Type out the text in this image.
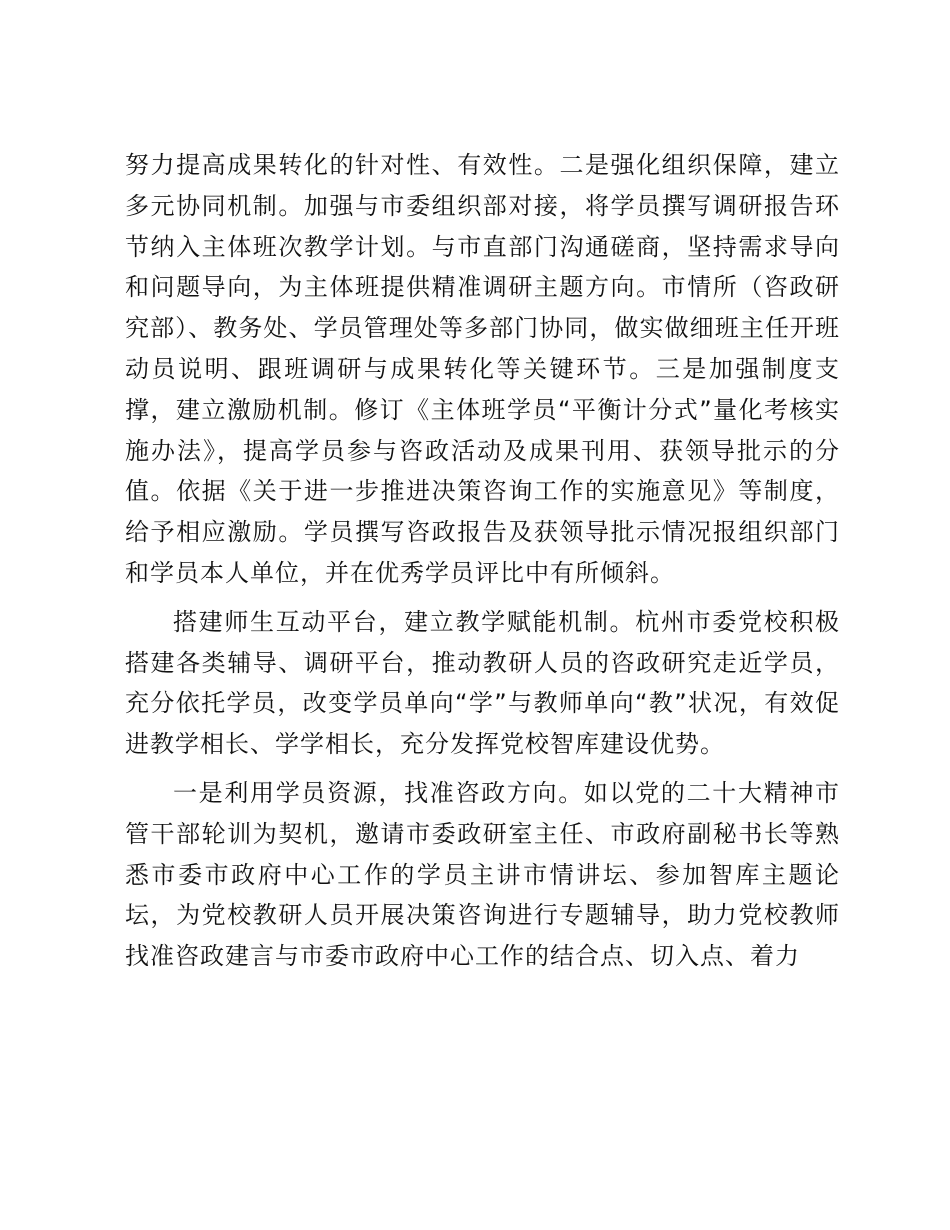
努力提高成果转化的针对性、有效性。二是强化组织保障，建立多元协同机制。加强与市委组织部对接，将学员撰写调研报告环节纳入主体班次教学计划。与市直部门沟通磋商，坚持需求导向和问题导向，为主体班提供精准调研主题方向。市情所（咨政研究部）、教务处、学员管理处等多部门协同，做实做细班主任开班动员说明、跟班调研与成果转化等关键环节。三是加强制度支撑，建立激励机制。修订《主体班学员“平衡计分式”量化考核实施办法》，提高学员参与咨政活动及成果刊用、获领导批示的分值。依据《关于进一步推进决策咨询工作的实施意见》等制度，给予相应激励。学员撰写咨政报告及获领导批示情况报组织部门和学员本人单位，并在优秀学员评比中有所倾斜。

搭建师生互动平台，建立教学赋能机制。杭州市委党校积极搭建各类辅导、调研平台，推动教研人员的咨政研究走近学员，充分依托学员，改变学员单向“学”与教师单向“教”状况，有效促进教学相长、学学相长，充分发挥党校智库建设优势。

一是利用学员资源，找准咨政方向。如以党的二十大精神市管干部轮训为契机，邀请市委政研室主任、市政府副秘书长等熟悉市委市政府中心工作的学员主讲市情讲坛、参加智库主题论坛，为党校教研人员开展决策咨询进行专题辅导，助力党校教师找准咨政建言与市委市政府中心工作的结合点、切入点、着力
